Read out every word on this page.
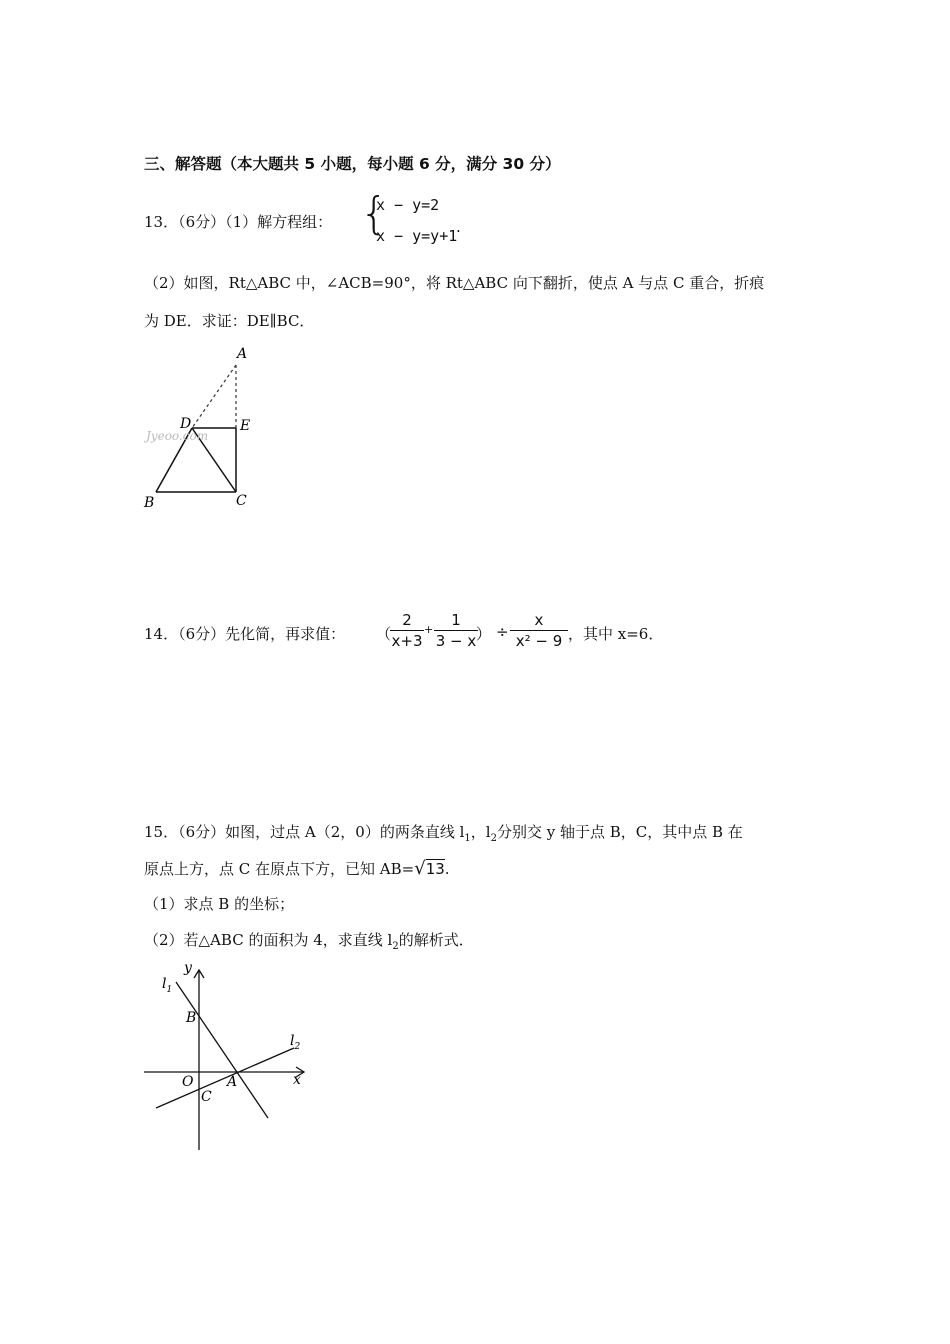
三、解答题（本大题共 5 小题，每小题 6 分，满分 30 分）
13．（6分）（1）解方程组： {
x − y=2
x − y=y+1
.
（2）如图，Rt△ABC 中，∠ACB=90°，将 Rt△ABC 向下翻折，使点 A 与点 C 重合，折痕
为 DE．求证：DE∥BC．
Jyeoo.com
A
D	E
B	C
14．（6分）先化简，再求值： （
2
x+3
+
1
3 − x ） ÷
x
x² − 9 ，其中 x=6．
15．（6分）如图，过点 A（2，0）的两条直线 $l_1$，$l_2$分别交 y 轴于点 B，C，其中点 B 在
原点上方，点 C 在原点下方，已知 AB=√13.
（1）求点 B 的坐标；
（2）若△ABC 的面积为 4，求直线 $l_2$的解析式．
$l_1$
$l_2$
y
x
B
O A
C
